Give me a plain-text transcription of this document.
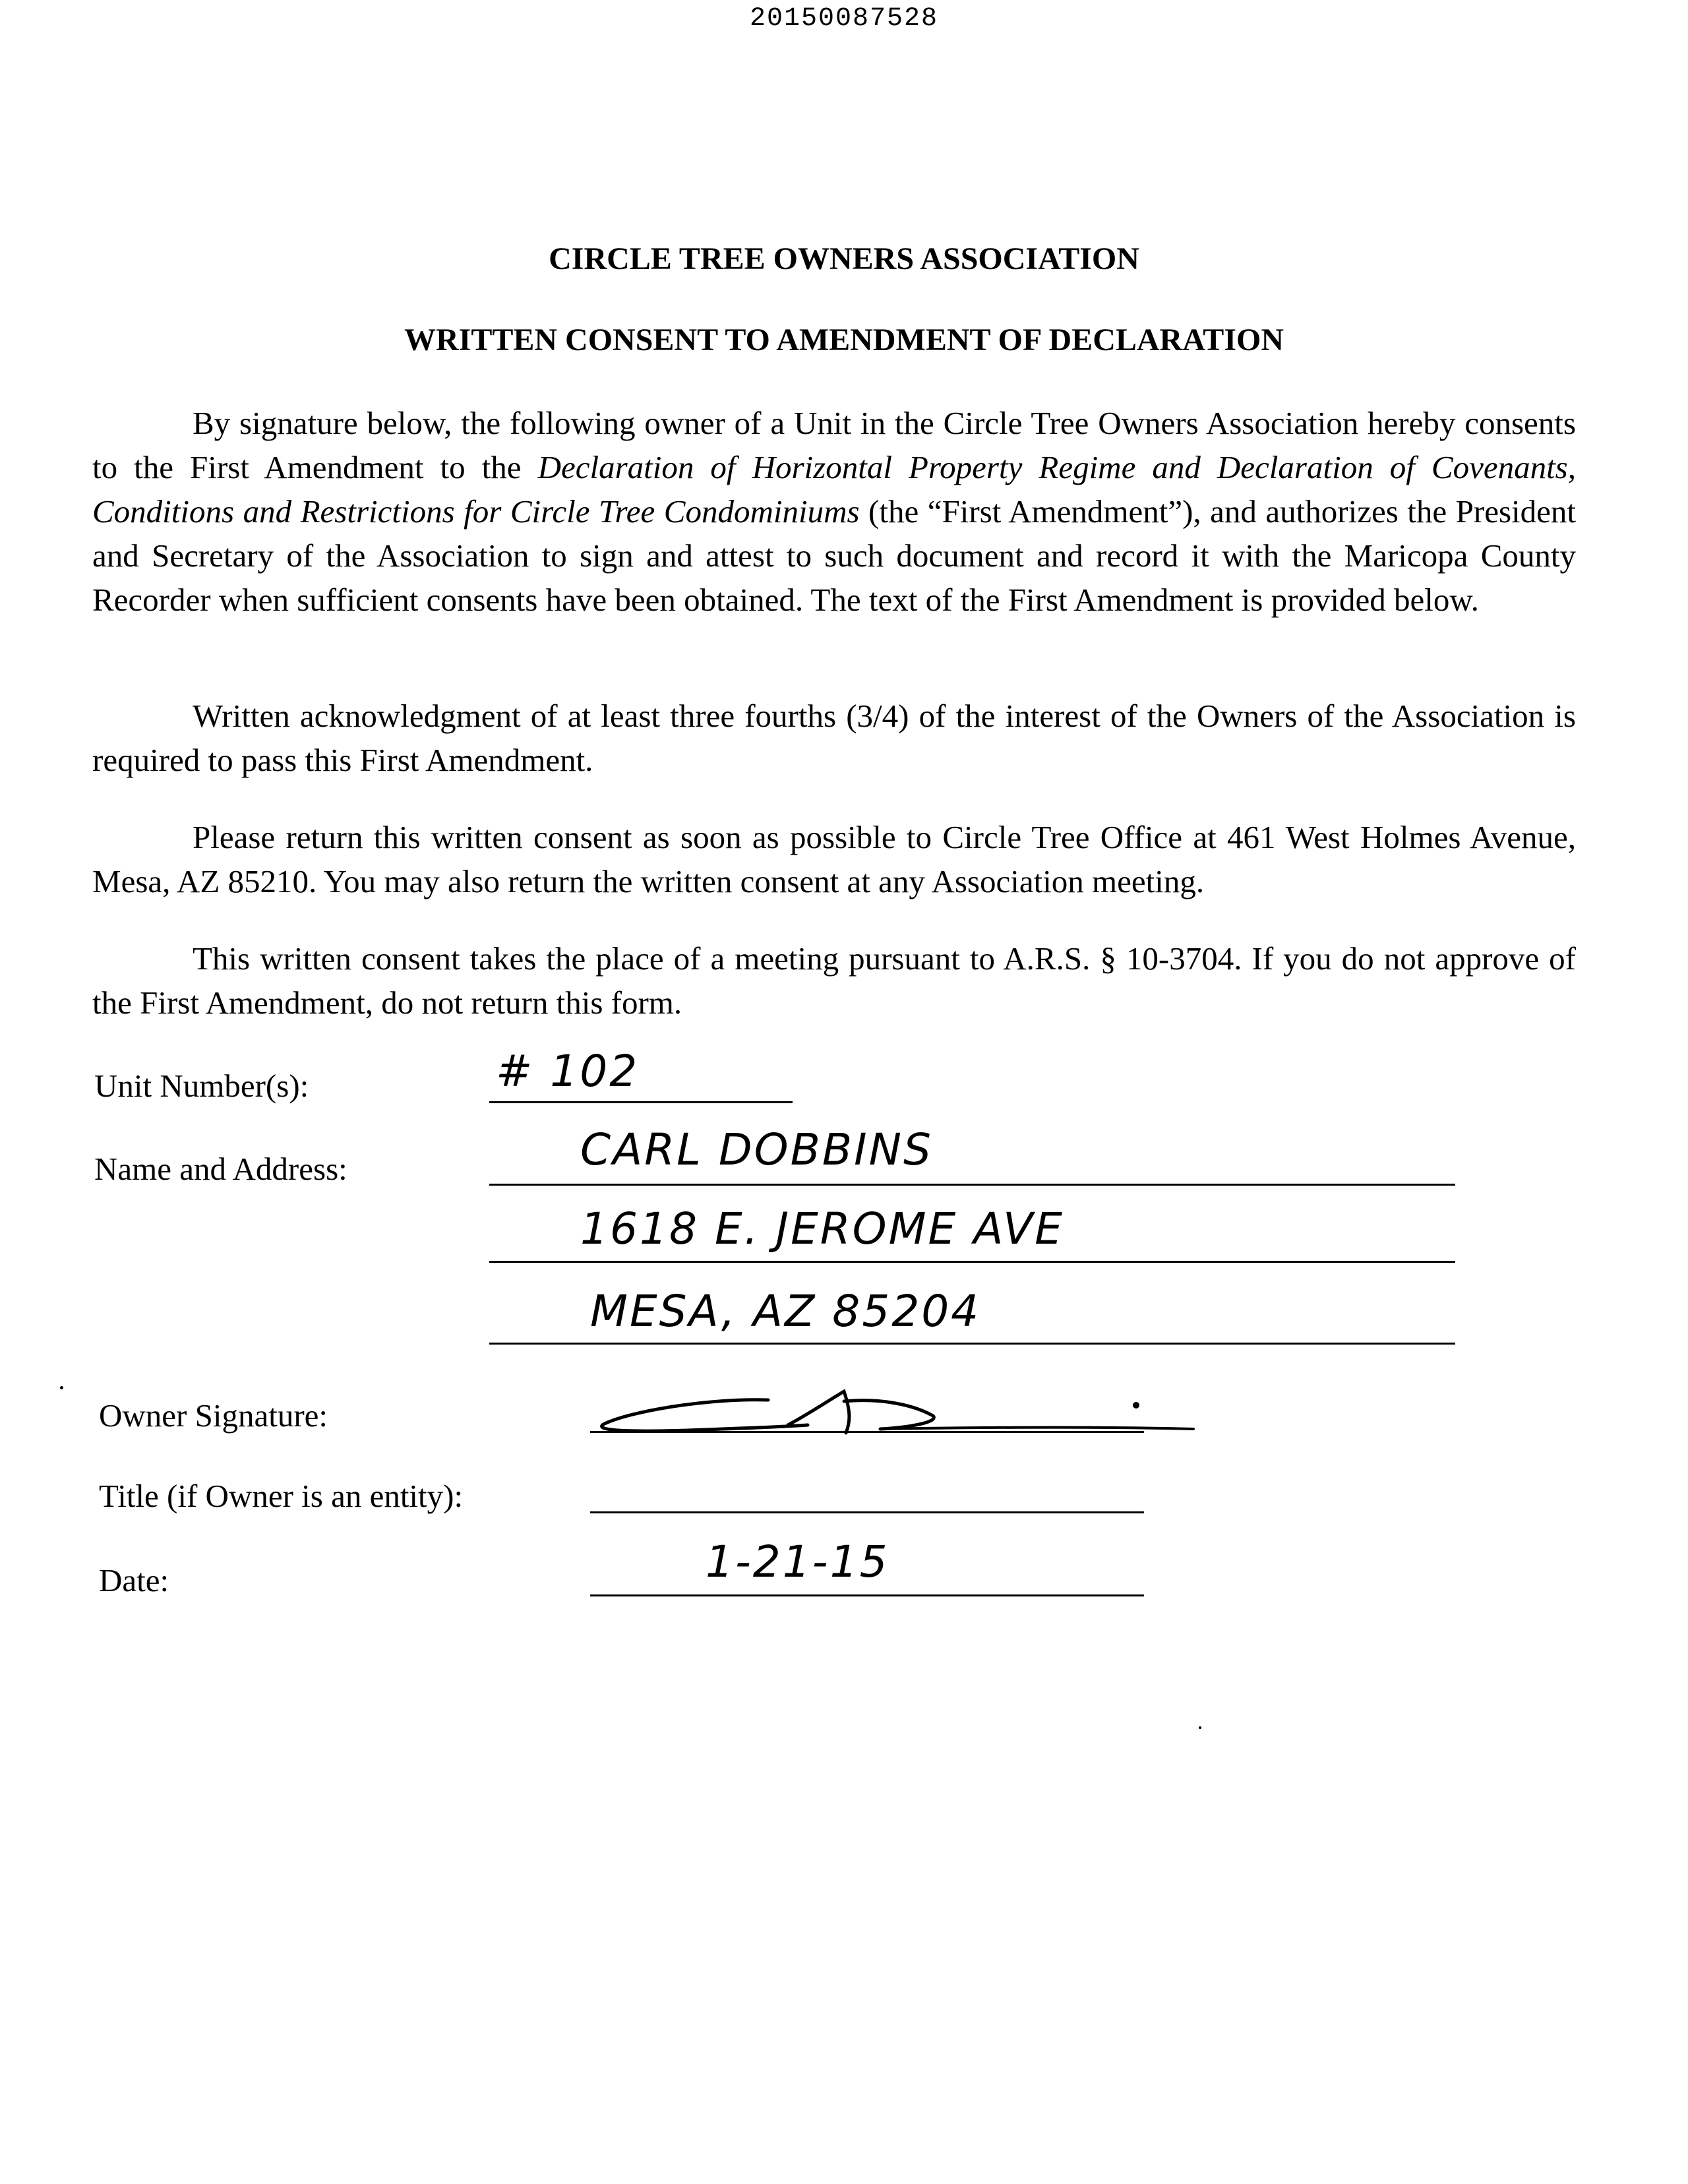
20150087528
CIRCLE TREE OWNERS ASSOCIATION
WRITTEN CONSENT TO AMENDMENT OF DECLARATION
By signature below, the following owner of a Unit in the Circle Tree Owners Association hereby consents to the First Amendment to the Declaration of Horizontal Property Regime and Declaration of Covenants, Conditions and Restrictions for Circle Tree Condominiums (the “First Amendment”), and authorizes the President and Secretary of the Association to sign and attest to such document and record it with the Maricopa County Recorder when sufficient consents have been obtained. The text of the First Amendment is provided below.
Written acknowledgment of at least three fourths (3/4) of the interest of the Owners of the Association is required to pass this First Amendment.
Please return this written consent as soon as possible to Circle Tree Office at 461 West Holmes Avenue, Mesa, AZ 85210. You may also return the written consent at any Association meeting.
This written consent takes the place of a meeting pursuant to A.R.S. § 10-3704. If you do not approve of the First Amendment, do not return this form.
Unit Number(s):	# 102
Name and Address:	CARL DOBBINS
1618 E. JEROME AVE
MESA, AZ 85204
Owner Signature:
Title (if Owner is an entity):
Date:	1-21-15
